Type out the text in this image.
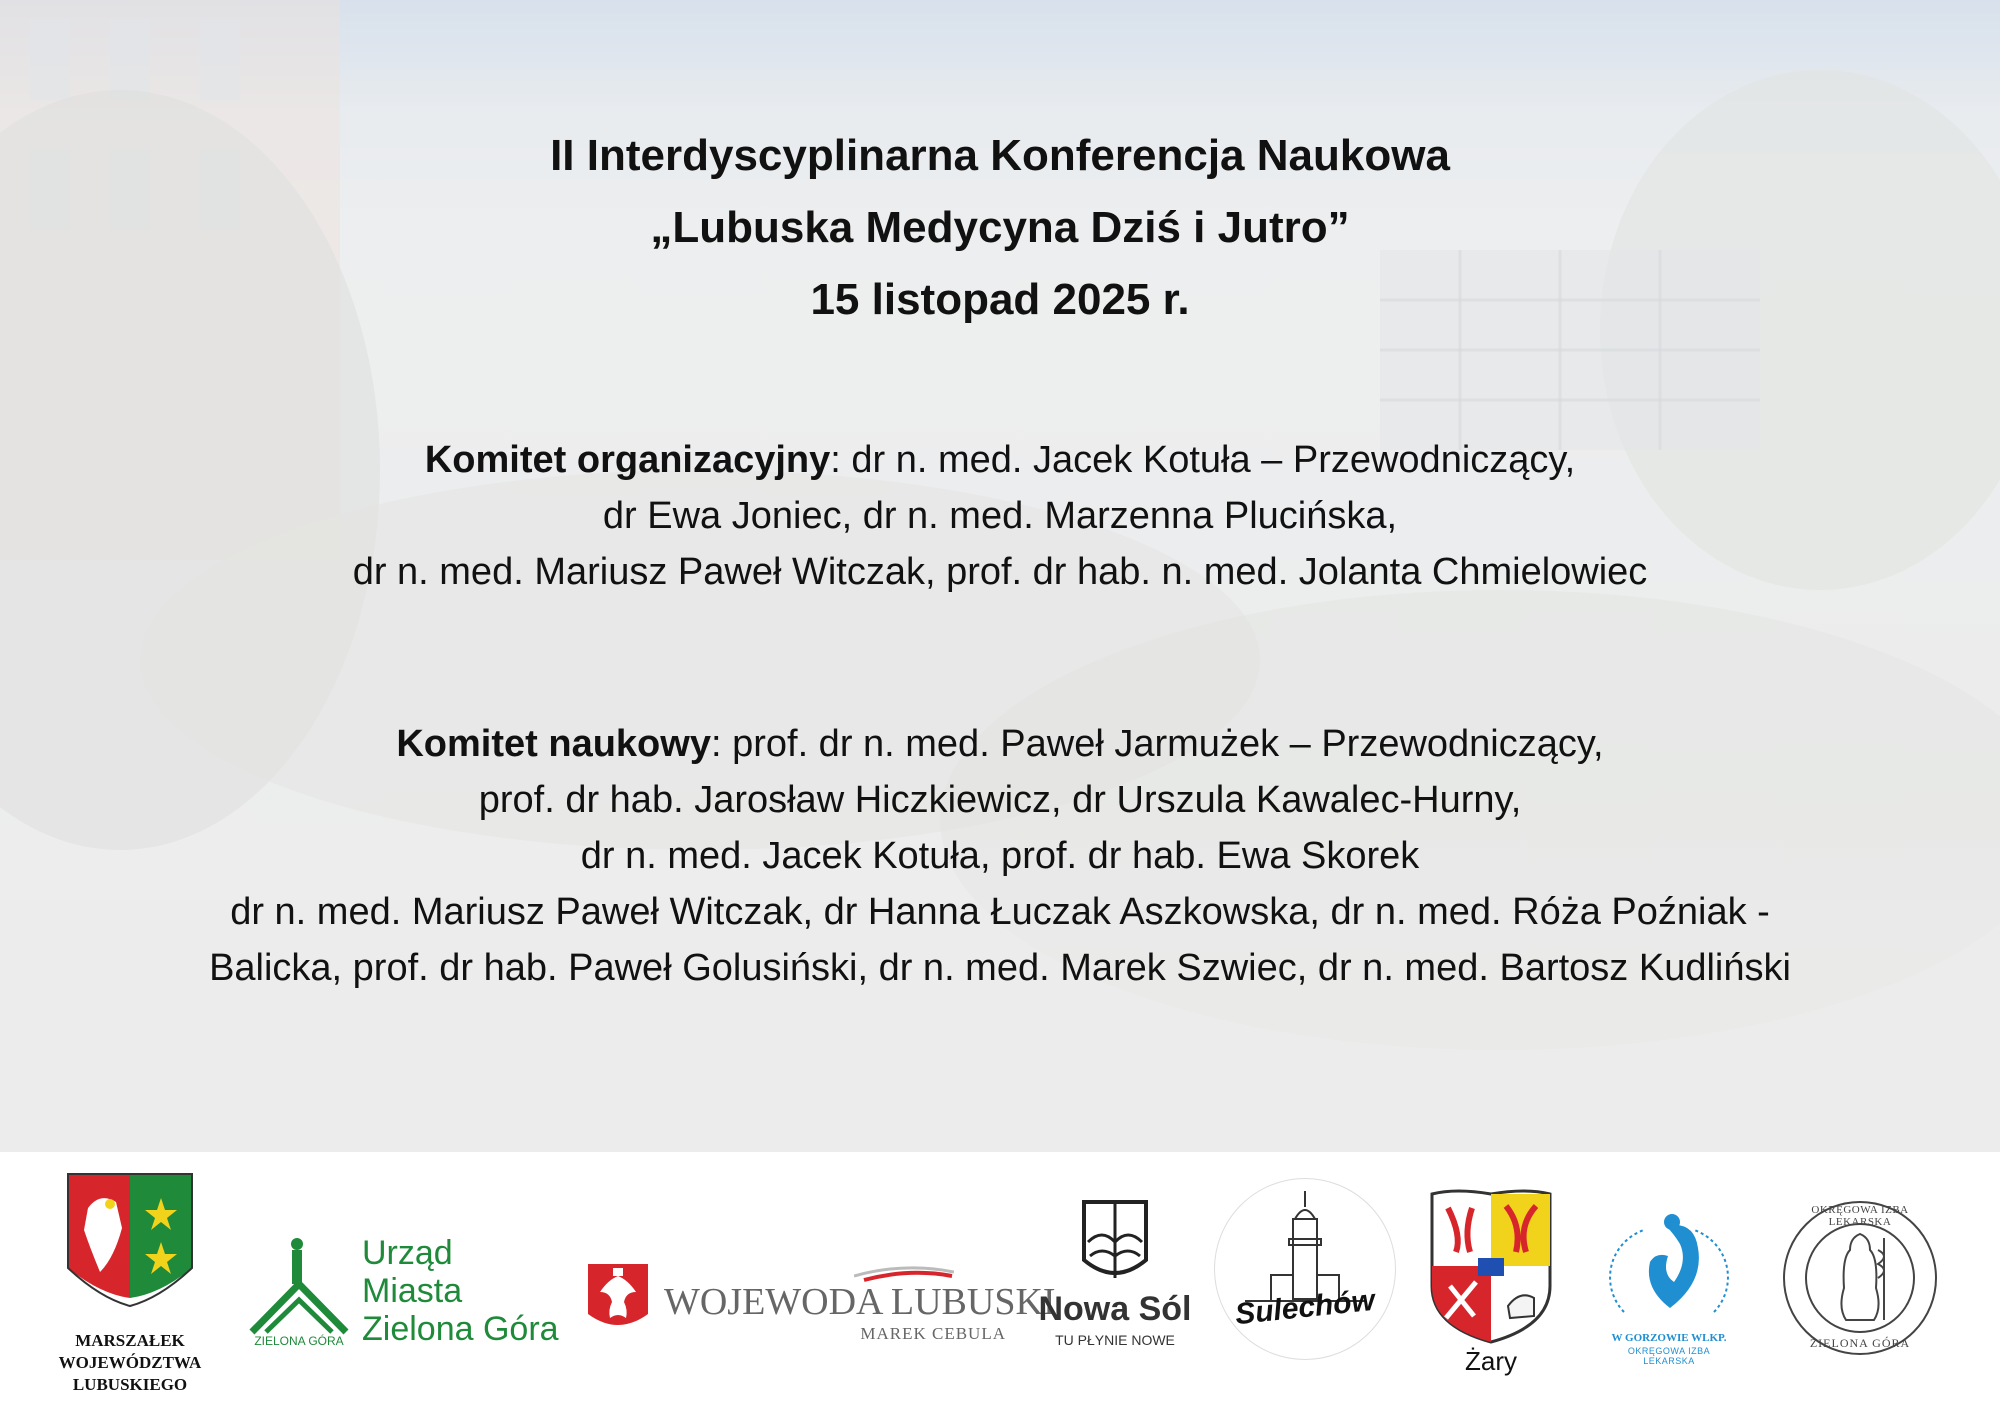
II Interdyscyplinarna Konferencja Naukowa
„Lubuska Medycyna Dziś i Jutro”
15 listopad 2025 r.
Komitet organizacyjny: dr n. med. Jacek Kotuła – Przewodniczący,
dr Ewa Joniec, dr n. med. Marzenna Plucińska,
dr n. med. Mariusz Paweł Witczak, prof. dr hab. n. med. Jolanta Chmielowiec
Komitet naukowy: prof. dr n. med. Paweł Jarmużek – Przewodniczący,
prof. dr hab. Jarosław Hiczkiewicz, dr Urszula Kawalec-Hurny,
dr n. med. Jacek Kotuła, prof. dr hab. Ewa Skorek
dr n. med. Mariusz Paweł Witczak, dr Hanna Łuczak Aszkowska, dr n. med. Róża Poźniak -
Balicka, prof. dr hab. Paweł Golusiński, dr n. med. Marek Szwiec, dr n. med. Bartosz Kudliński
MARSZAŁEK
WOJEWÓDZTWA
LUBUSKIEGO
ZIELONA GÓRA
Urząd
Miasta
Zielona Góra
WOJEWODA LUBUSKI
MAREK CEBULA
Nowa Sól
TU PŁYNIE NOWE
Sulechów
Żary
W GORZOWIE WLKP.
OKRĘGOWA IZBA LEKARSKA
OKRĘGOWA IZBA LEKARSKA
ZIELONA GÓRA
